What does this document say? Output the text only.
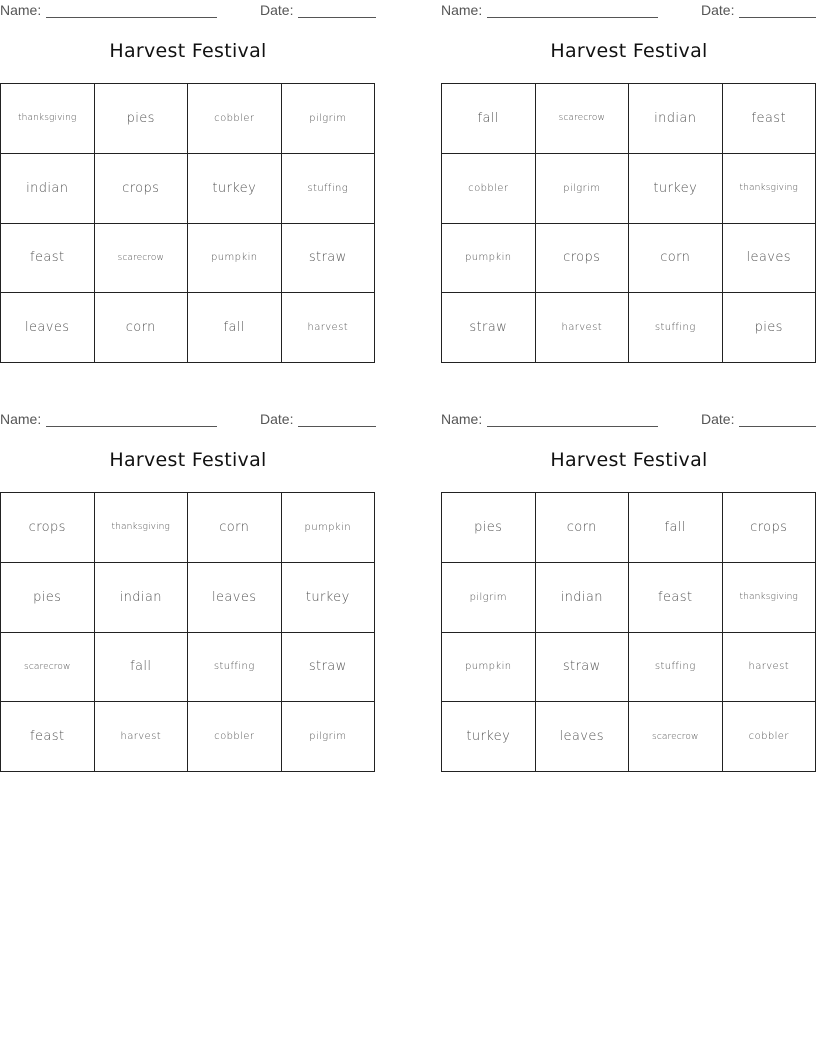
Name:	Date:
Harvest Festival
thanksgiving	pies	cobbler	pilgrim
indian	crops	turkey	stuffing
feast	scarecrow	pumpkin	straw
leaves	corn	fall	harvest
Name:	Date:
Harvest Festival
fall	scarecrow	indian	feast
cobbler	pilgrim	turkey	thanksgiving
pumpkin	crops	corn	leaves
straw	harvest	stuffing	pies
Name:	Date:
Harvest Festival
crops	thanksgiving	corn	pumpkin
pies	indian	leaves	turkey
scarecrow	fall	stuffing	straw
feast	harvest	cobbler	pilgrim
Name:	Date:
Harvest Festival
pies	corn	fall	crops
pilgrim	indian	feast	thanksgiving
pumpkin	straw	stuffing	harvest
turkey	leaves	scarecrow	cobbler
